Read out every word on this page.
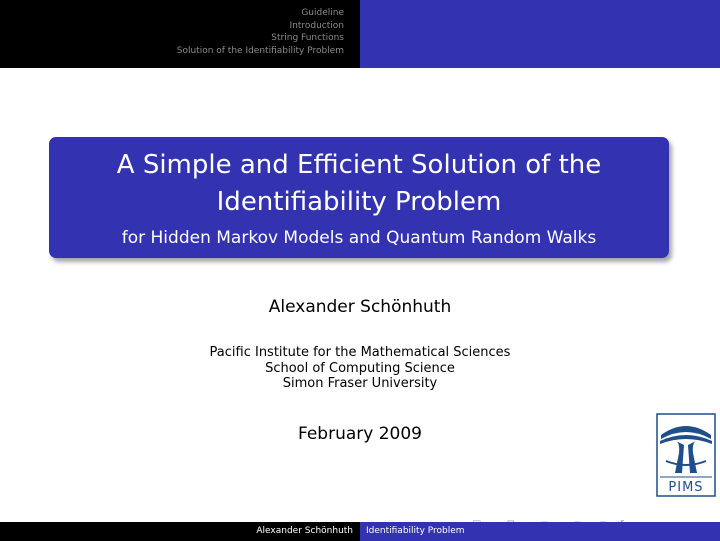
Guideline
Introduction
String Functions
Solution of the Identifiability Problem
A Simple and Efficient Solution of the
Identifiability Problem
for Hidden Markov Models and Quantum Random Walks
Alexander Schönhuth
Pacific Institute for the Mathematical Sciences
School of Computing Science
Simon Fraser University
February 2009
PIMS
Alexander Schönhuth	Identifiability Problem
